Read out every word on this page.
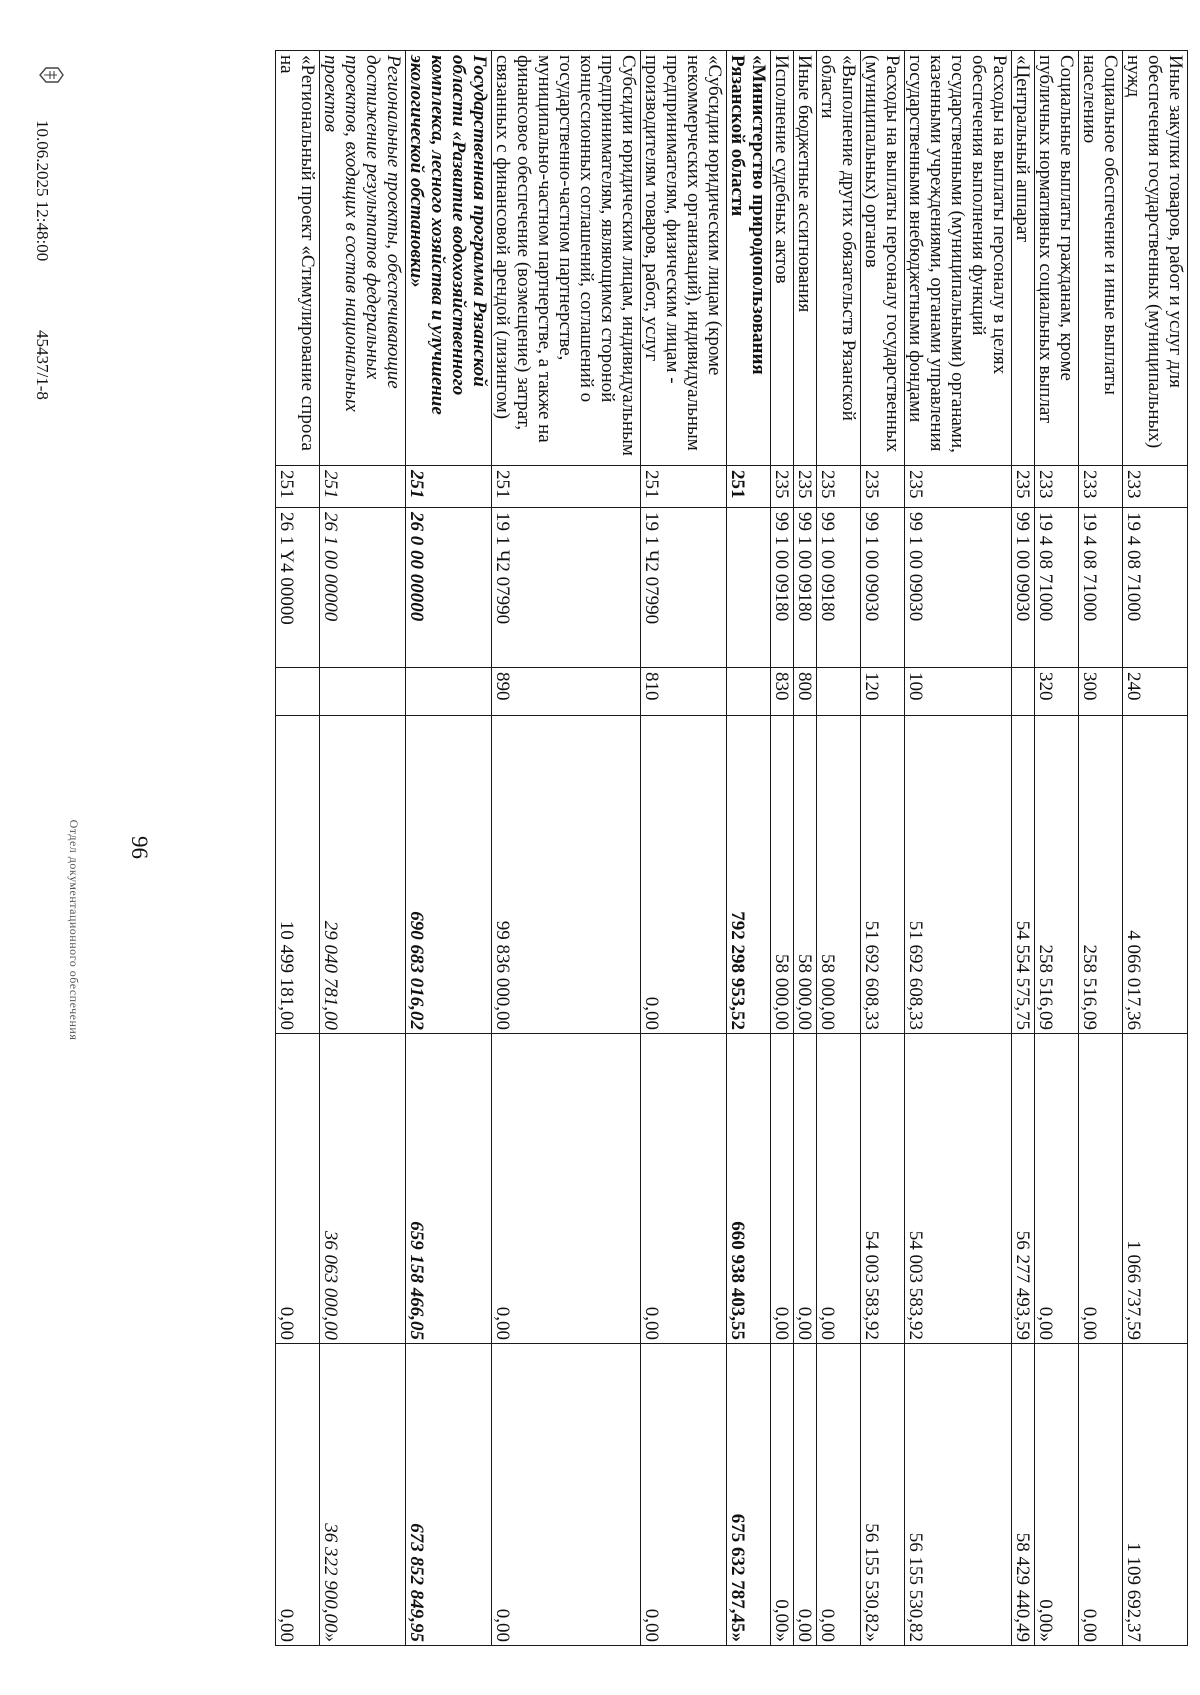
96
Иные закупки товаров, работ и услуг для обеспечения государственных (муниципальных) нужд	233	19 4 08 71000	240	4 066 017,36	1 066 737,59	1 109 692,37
Социальное обеспечение и иные выплаты населению	233	19 4 08 71000	300	258 516,09	0,00	0,00
Социальные выплаты гражданам, кроме публичных нормативных социальных выплат	233	19 4 08 71000	320	258 516,09	0,00	0,00»
«Центральный аппарат	235	99 1 00 09030		54 554 575,75	56 277 493,59	58 429 440,49
Расходы на выплаты персоналу в целях обеспечения выполнения функций государственными (муниципальными) органами, казенными учреждениями, органами управления государственными внебюджетными фондами	235	99 1 00 09030	100	51 692 608,33	54 003 583,92	56 155 530,82
Расходы на выплаты персоналу государственных (муниципальных) органов	235	99 1 00 09030	120	51 692 608,33	54 003 583,92	56 155 530,82»
«Выполнение других обязательств Рязанской области	235	99 1 00 09180		58 000,00	0,00	0,00
Иные бюджетные ассигнования	235	99 1 00 09180	800	58 000,00	0,00	0,00
Исполнение судебных актов	235	99 1 00 09180	830	58 000,00	0,00	0,00»
«Министерство природопользования Рязанской области	251			792 298 953,52	660 938 403,55	675 632 787,45»
«Субсидии юридическим лицам (кроме некоммерческих организаций), индивидуальным предпринимателям, физическим лицам - производителям товаров, работ, услуг	251	19 1 Ч2 07990	810	0,00	0,00	0,00
Субсидии юридическим лицам, индивидуальным предпринимателям, являющимся стороной концессионных соглашений, соглашений о государственно-частном партнерстве, муниципально-частном партнерстве, а также на финансовое обеспечение (возмещение) затрат, связанных с финансовой арендой (лизингом)	251	19 1 Ч2 07990	890	99 836 000,00	0,00	0,00
Государственная программа Рязанской области «Развитие водохозяйственного комплекса, лесного хозяйства и улучшение экологической обстановки»	251	26 0 00 00000		690 683 016,02	659 158 466,05	673 852 849,95
Региональные проекты, обеспечивающие достижение результатов федеральных проектов, входящих в состав национальных проектов	251	26 1 00 00000		29 040 781,00	36 063 000,00	36 322 900,00»
«Региональный проект «Стимулирование спроса на	251	26 1 Y4 00000		10 499 181,00	0,00	0,00
10.06.2025 12:48:00
45437/1-8
Отдел документационного обеспечения
